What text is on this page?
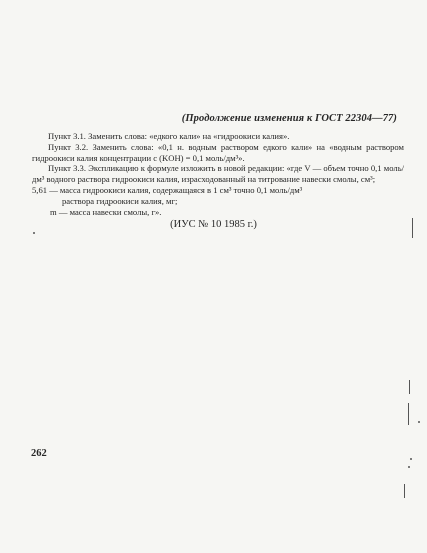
(Продолжение изменения к ГОСТ 22304—77)

Пункт 3.1. Заменить слова: «едкого кали» на «гидроокиси калия».

Пункт 3.2. Заменить слова: «0,1 н. водным раствором едкого кали» на «водным раствором гидроокиси калия концентрации c (KOH) = 0,1 моль/дм³».

Пункт 3.3. Экспликацию к формуле изложить в новой редакции: «где V — объем точно 0,1 моль/дм³ водного раствора гидроокиси калия, израсходованный на титрование навески смолы, см³;

5,61 — масса гидроокиси калия, содержащаяся в 1 см³ точно 0,1 моль/дм³

раствора гидроокиси калия, мг;

m — масса навески смолы, г».

(ИУС № 10 1985 г.)
262
